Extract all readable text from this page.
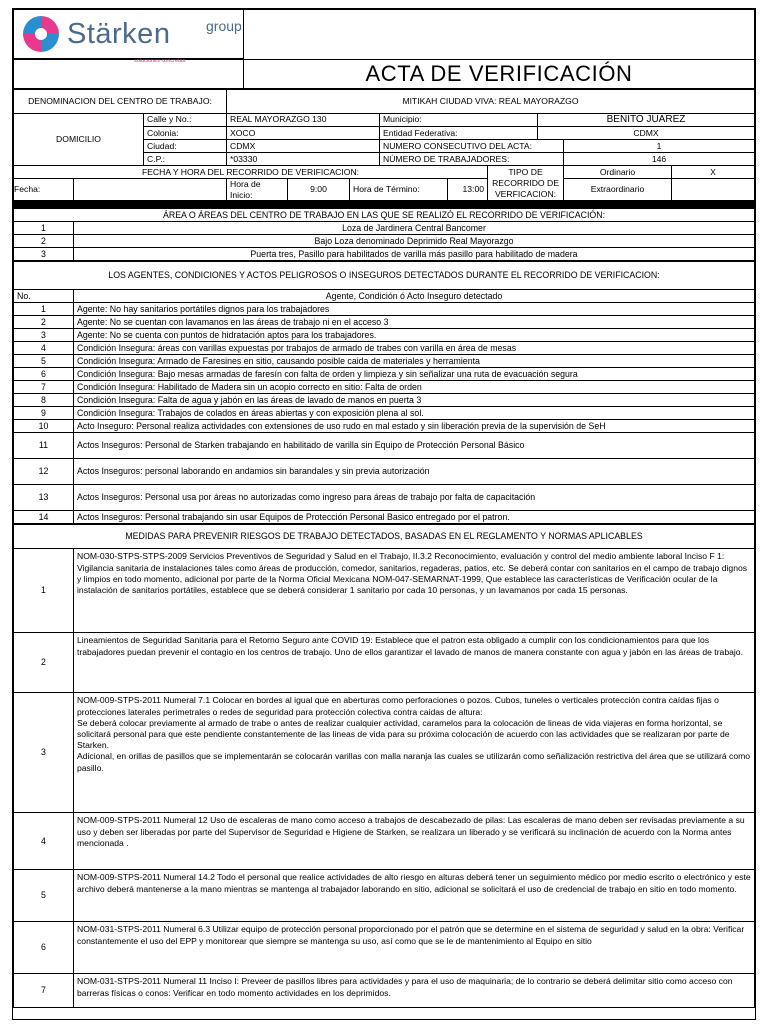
Stärken	group
soluciones concretas

		ACTA DE VERIFICACIÓN
DENOMINACION DEL CENTRO DE TRABAJO:			MITIKAH CIUDAD VIVA: REAL MAYORAZGO								
DOMICILIO		Calle y No.:	REAL MAYORAZGO 130			Municipio:			BENITO JUAREZ		
		Colonia:	XOCO			Entidad Federativa:			CDMX		
		Ciudad:	CDMX			NUMERO CONSECUTIVO DEL ACTA:				1	
		C.P.:	*03330			NÚMERO DE TRABAJADORES:				146	
FECHA Y HORA DEL RECORRIDO DE VERIFICACION:								TIPO DE RECORRIDO DE VERFICACION:		Ordinario	X
Fecha:			Hora de Inicio:	9:00	Hora de Término:		13:00			Extraordinario	
ÁREA O ÁREAS DEL CENTRO DE TRABAJO EN LAS QUE SE REALIZÓ EL RECORRIDO DE VERIFICACIÓN:	
1	Loza de Jardinera Central Bancomer
2	Bajo Loza denominado Deprimido Real Mayorazgo
3	Puerta tres, Pasillo para habilitados de varilla más pasillo para habilitado de madera
LOS AGENTES, CONDICIONES Y ACTOS PELIGROSOS O INSEGUROS DETECTADOS DURANTE EL RECORRIDO DE VERIFICACION:	
No.	Agente, Condición ó Acto Inseguro detectado
1	Agente: No hay sanitarios portátiles dignos para los trabajadores
2	Agente: No se cuentan con lavamanos en las áreas de trabajo ni en el acceso 3
3	Agente: No se cuenta con puntos de hidratación aptos para los trabajadores.
4	Condición Insegura: áreas con varillas expuestas por trabajos de armado de trabes con varilla en área de mesas
5	Condición Insegura: Armado de Faresines en sitio, causando posible caida de materiales y herramienta
6	Condición Insegura: Bajo mesas armadas de faresín con falta de orden y limpieza y sin señalizar una ruta de evacuación segura
7	Condición Insegura: Habilitado de Madera sin un acopio correcto en sitio: Falta de orden
8	Condición Insegura: Falta de agua y jabón en las áreas de lavado de manos en puerta 3
9	Condición Insegura: Trabajos de colados en áreas abiertas y con exposición plena al sol.
10	Acto Inseguro: Personal realiza actividades con extensiones de uso rudo en mal estado y sin liberación previa de la supervisión de SeH
11	Actos Inseguros: Personal de Starken trabajando en habilitado de varilla sin Equipo de Protección Personal Básico
12	Actos Inseguros: personal laborando en andamios sin barandales y sin previa autorización
13	Actos Inseguros: Personal usa por áreas no autorizadas como ingreso para áreas de trabajo por falta de capacitación
14	Actos Inseguros: Personal trabajando sin usar Equipos de Protección Personal Basico entregado por el patron.
MEDIDAS PARA PREVENIR RIESGOS DE TRABAJO DETECTADOS, BASADAS EN EL REGLAMENTO Y NORMAS APLICABLES	
1	NOM-030-STPS-STPS-2009 Servicios Preventivos de Seguridad y Salud en el Trabajo, II.3.2 Reconocimiento, evaluación y control del medio ambiente laboral Inciso F 1: Vigilancia sanitaria de instalaciones tales como áreas de producción, comedor, sanitarios, regaderas, patios, etc. Se deberá contar con sanitarios en el campo de trabajo dignos y limpios en todo momento, adicional por parte de la Norma Oficial Mexicana NOM-047-SEMARNAT-1999, Que establece las características de Verificación ocular de la instalación de sanitarios portátiles, establece que se deberá considerar 1 sanitario por cada 10 personas, y un lavamanos por cada 15 personas.
2	Lineamientos de Seguridad Sanitaria para el Retorno Seguro ante COVID 19: Establece que el patron esta obligado a cumplir con los condicionamientos para que los trabajadores puedan prevenir el contagio en los centros de trabajo. Uno de ellos garantizar el lavado de manos de manera constante con agua y jabón en las áreas de trabajo.
3	NOM-009-STPS-2011 Numeral 7.1 Colocar en bordes al igual que en aberturas como perforaciones o pozos. Cubos, tuneles o verticales protección contra caídas fijas o protecciones laterales perimetrales o redes de seguridad para protección colectiva contra caidas de altura:
Se deberá colocar previamente al armado de trabe o antes de realizar cualquier actividad, caramelos para la colocación de lineas de vida viajeras en forma horizontal, se solicitará personal para que este pendiente constantemente de las lineas de vida para su próxima colocación de acuerdo con las actividades que se realizaran por parte de Starken.
Adicional, en orillas de pasillos que se implementarán se colocarán varillas con malla naranja las cuales se utilizarán como señalización restrictiva del área que se utilizará como pasillo.
4	NOM-009-STPS-2011 Numeral 12 Uso de escaleras de mano como acceso a trabajos de descabezado de pilas: Las escaleras de mano deben ser revisadas previamente a su uso y deben ser liberadas por parte del Supervisor de Seguridad e Higiene de Starken, se realizara un liberado y se verificará su inclinación de acuerdo con la Norma antes mencionada .
5	NOM-009-STPS-2011 Numeral 14.2 Todo el personal que realice actividades de alto riesgo en alturas deberá tener un seguimiento médico por medio escrito o electrónico y este archivo deberá mantenerse a la mano mientras se mantenga al trabajador laborando en sitio, adicional se solicitará el uso de credencial de trabajo en sitio en todo momento.
6	NOM-031-STPS-2011 Numeral 6.3 Utilizar equipo de protección personal proporcionado por el patrón que se determine en el sistema de seguridad y salud en la obra: Verificar constantemente el uso del EPP y monitorear que siempre se mantenga su uso, así como que se le de mantenimiento al Equipo en sitio
7	NOM-031-STPS-2011 Numeral 11 Inciso I: Preveer de pasillos libres para actividades y para el uso de maquinaria; de lo contrario se deberá delimitar sitio como acceso con barreras físicas o conos: Verificar en todo momento actividades en los deprimidos.
